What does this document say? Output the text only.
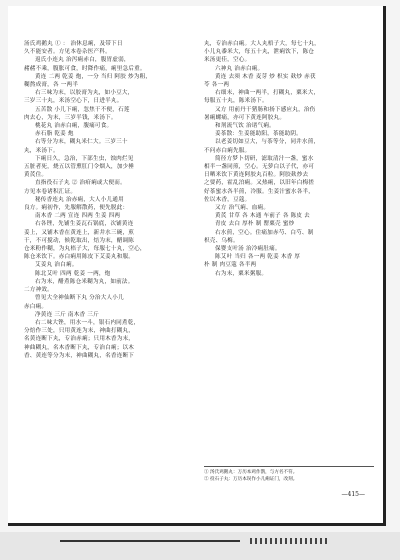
汤氏鸡鹅丸 ① ： 治休息痢，及带下日

久不能安者。方见本卷杂医产科。

返氏小连丸 治泻痢赤白，腹胃虚弱，

赭赭不乘，腹胀可食，时降作痛，痢里急后重。

黄连 二两 乾姜 炮，一分 当归 阿胶 炒为粗，

糊熬成膏，各 一两半

右三味为末，以胶膏为丸，如小豆大，

三岁三十丸，米汤空心下，日进半丸。

五苦散 小儿下痢，忽焦干不便，石莲

肉去心，为末，三岁半钱，米汤下。

桃花丸 治赤白痢，腹痛可食。

赤石脂 乾姜 炮

右等分为末，糊丸米仁大。三岁三十

丸，米汤下。

下痢日久，急治，下部生虫，蚀肉烂见

五脏者死，烧五以管熏肛门令烟入，加少捶

黄芪住。

直指役石子丸 ② 治疳痢或大便而。

方见本卷诸积汇证。

秘传香连丸 治赤痢，大人小儿通用

良方。痢初作，先服解散药，便先脱此：

南木香 二两 宣连 四两 生姜 四两

右各锉，先铺生姜瓦石锅底，次铺黄连

姜上，又铺木香在黄连上，新井水三碗，煎

干，不可搅动，候乾取出，焙为末，醋调陈

仓米粉作糊，为丸梧子大，每服七十丸，空心，

陈仓米饮下。赤白痢用陈皮下艾姜丸和服。

艾姜丸 治白痢。

陈北艾叶 四两 乾姜 一两，炮

右为末，醋煮陈仓米糊为丸，如前法。

二方神效。

曾见大全神仙断下丸 分治大人小儿

赤白痢。

净黄连 三斤 南木香 三斤

右二味大锉，用水一斗，银石内同煮乾，

分焙作三处，只用黄连为末，神曲打糊丸，

名黄连断下丸，专治赤痢；只用木香为末，

神曲糊丸，名木香断下丸，专治白痢；以木

香、黄连等分为末，神曲糊丸，名香连断下

丸，专治赤白痢。大人丸梧子大，每七十丸，

小儿丸黍米大，每五十丸，泄痢饮下，陈仓

米汤更佳，空心。

六神丸 治赤白痢。

黄连 去须 木香 麦芽 炒 枳实 麸炒 赤茯

苓 各一两

右细末，神曲一两半，打糊丸，粟米大，

每服五十丸，陈米汤下。

又方 用前丹干猪肠和扬下感应丸，治伤

暑痢螺痛，亦可下黄连阿胶丸。

和剂流气饮 治诸气痢。

姜茶散：生姜能助阳，茶能助阴。

以老姜切如豆大，与茶等分，同井水煎，

不问赤白痢先服。

简径方梦卜切研，滤取清汁一盏，蜜水

相半一盏同煎，空心。无萝白以子代，亦可

日晒米饮下黄连阿胶丸百粒。阿胶麸炒去

之要药，霍乱泊痢。又热痢，以旧年白梅搓

好茶蜜水各半煎，冷服。生姜汁蜜水各半，

佐以木香，豆蔻。

又方 治气痢、血痢。

黄芪 甘草 各 木通 车前子 各 陈皮 去

青皮 去白 厚朴 制 罂粟壳 蜜炒

右水煎，空心。住痛加赤芍、白芍、制

枳壳、乌梅。

保婴支叶汤 治冷痢肚痛。

陈艾叶 当归 各一两 乾姜 木香 厚

朴 制 肉豆蔻 各半两

右为末，粟米粥服。

① 汤氏鸡鹅丸：万历本鸡作鹊，与方名不符。

② 役石子丸：万历本误作小儿痢证门，改刻。

—415—
